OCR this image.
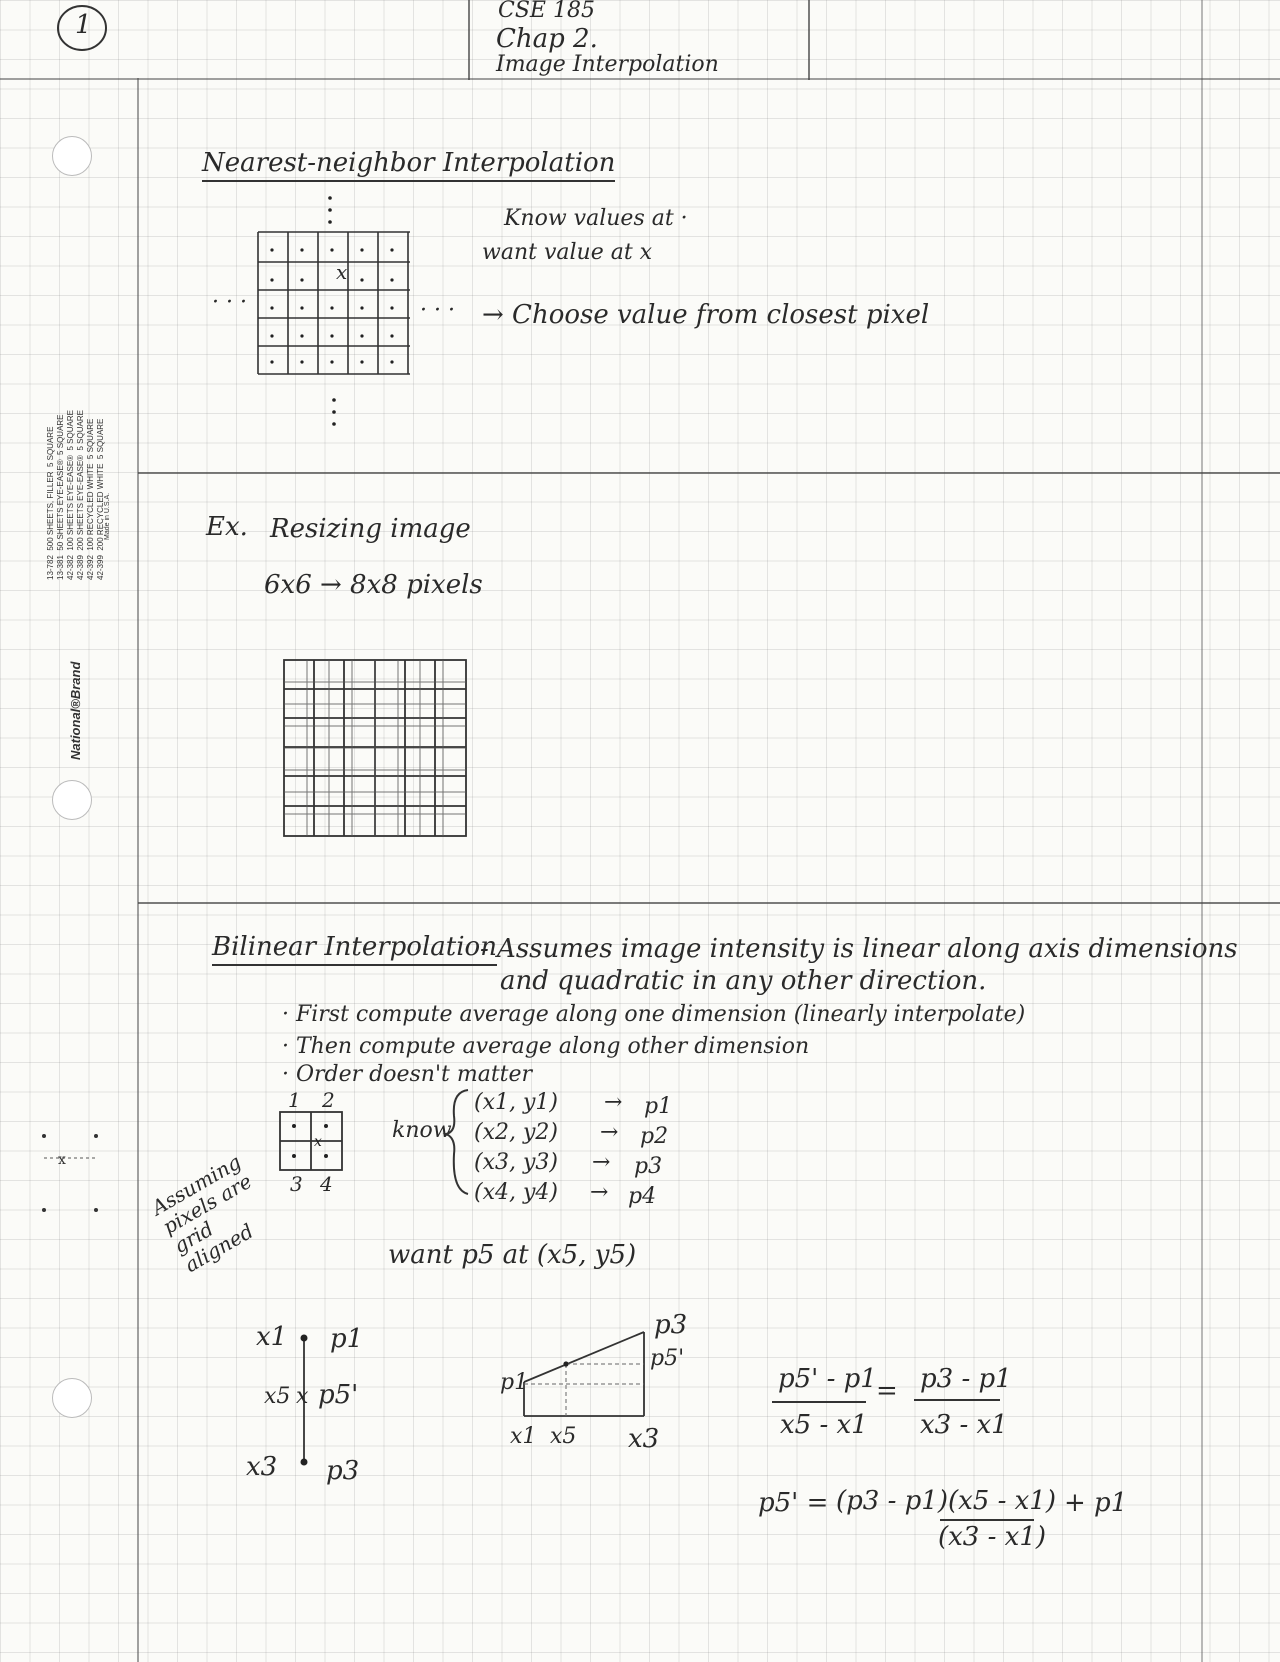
1	CSE 185
Chap 2.
Image Interpolation
13-782  500 SHEETS, FILLER  5 SQUARE
13-381  50 SHEETS EYE-EASE®  5 SQUARE
42-382  100 SHEETS EYE-EASE®  5 SQUARE
42-389  200 SHEETS EYE-EASE®  5 SQUARE
42-392  100 RECYCLED WHITE  5 SQUARE
42-399  200 RECYCLED WHITE  5 SQUARE
Made in U.S.A.
National®Brand
Nearest-neighbor Interpolation
x
· · ·	· · ·
Know values at ·
want value at x
→ Choose value from closest pixel
Ex. Resizing image
6x6 → 8x8 pixels
Bilinear Interpolation
- Assumes image intensity is linear along axis dimensions
and quadratic in any other direction.
· First compute average along one dimension (linearly interpolate)
· Then compute average along other dimension
· Order doesn't matter
1 2
3 4
x
x	Assuming pixels are grid aligned
know
(x1, y1) → p1
(x2, y2) → p2
(x3, y3) → p3
(x4, y4) → p4
want p5 at (x5, y5)
x1 p1
x5 x p5'
x3 p3
p3
p5'
p1
x1 x5 x3
p5' - p1
x5 - x1
= p3 - p1
x3 - x1
p5' = (p3 - p1)(x5 - x1)
(x3 - x1)
+ p1
